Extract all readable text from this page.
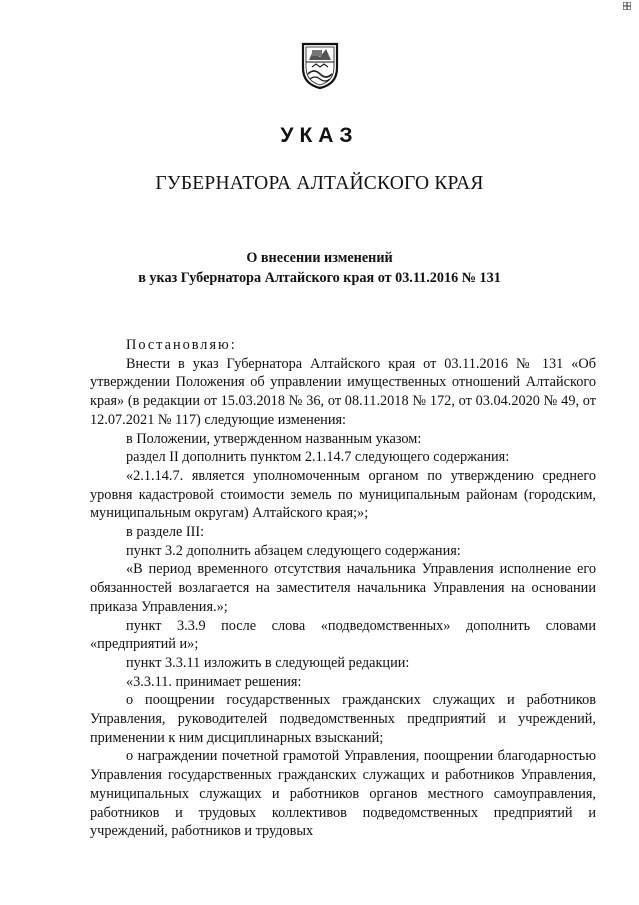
УКАЗ
ГУБЕРНАТОРА АЛТАЙСКОГО КРАЯ
О внесении изменений
в указ Губернатора Алтайского края от 03.11.2016 № 131

Постановляю:

Внести в указ Губернатора Алтайского края от 03.11.2016 № 131 «Об утверждении Положения об управлении имущественных отношений Алтайского края» (в редакции от 15.03.2018 № 36, от 08.11.2018 № 172, от 03.04.2020 № 49, от 12.07.2021 № 117) следующие изменения:

в Положении, утвержденном названным указом:

раздел II дополнить пунктом 2.1.14.7 следующего содержания:

«2.1.14.7. является уполномоченным органом по утверждению среднего уровня кадастровой стоимости земель по муниципальным районам (городским, муниципальным округам) Алтайского края;»;

в разделе III:

пункт 3.2 дополнить абзацем следующего содержания:

«В период временного отсутствия начальника Управления исполнение его обязанностей возлагается на заместителя начальника Управления на основании приказа Управления.»;

пункт 3.3.9 после слова «подведомственных» дополнить словами «предприятий и»;

пункт 3.3.11 изложить в следующей редакции:

«3.3.11. принимает решения:

о поощрении государственных гражданских служащих и работников Управления, руководителей подведомственных предприятий и учреждений, применении к ним дисциплинарных взысканий;

о награждении почетной грамотой Управления, поощрении благодарностью Управления государственных гражданских служащих и работников Управления, муниципальных служащих и работников органов местного самоуправления, работников и трудовых коллективов подведомственных предприятий и учреждений, работников и трудовых
